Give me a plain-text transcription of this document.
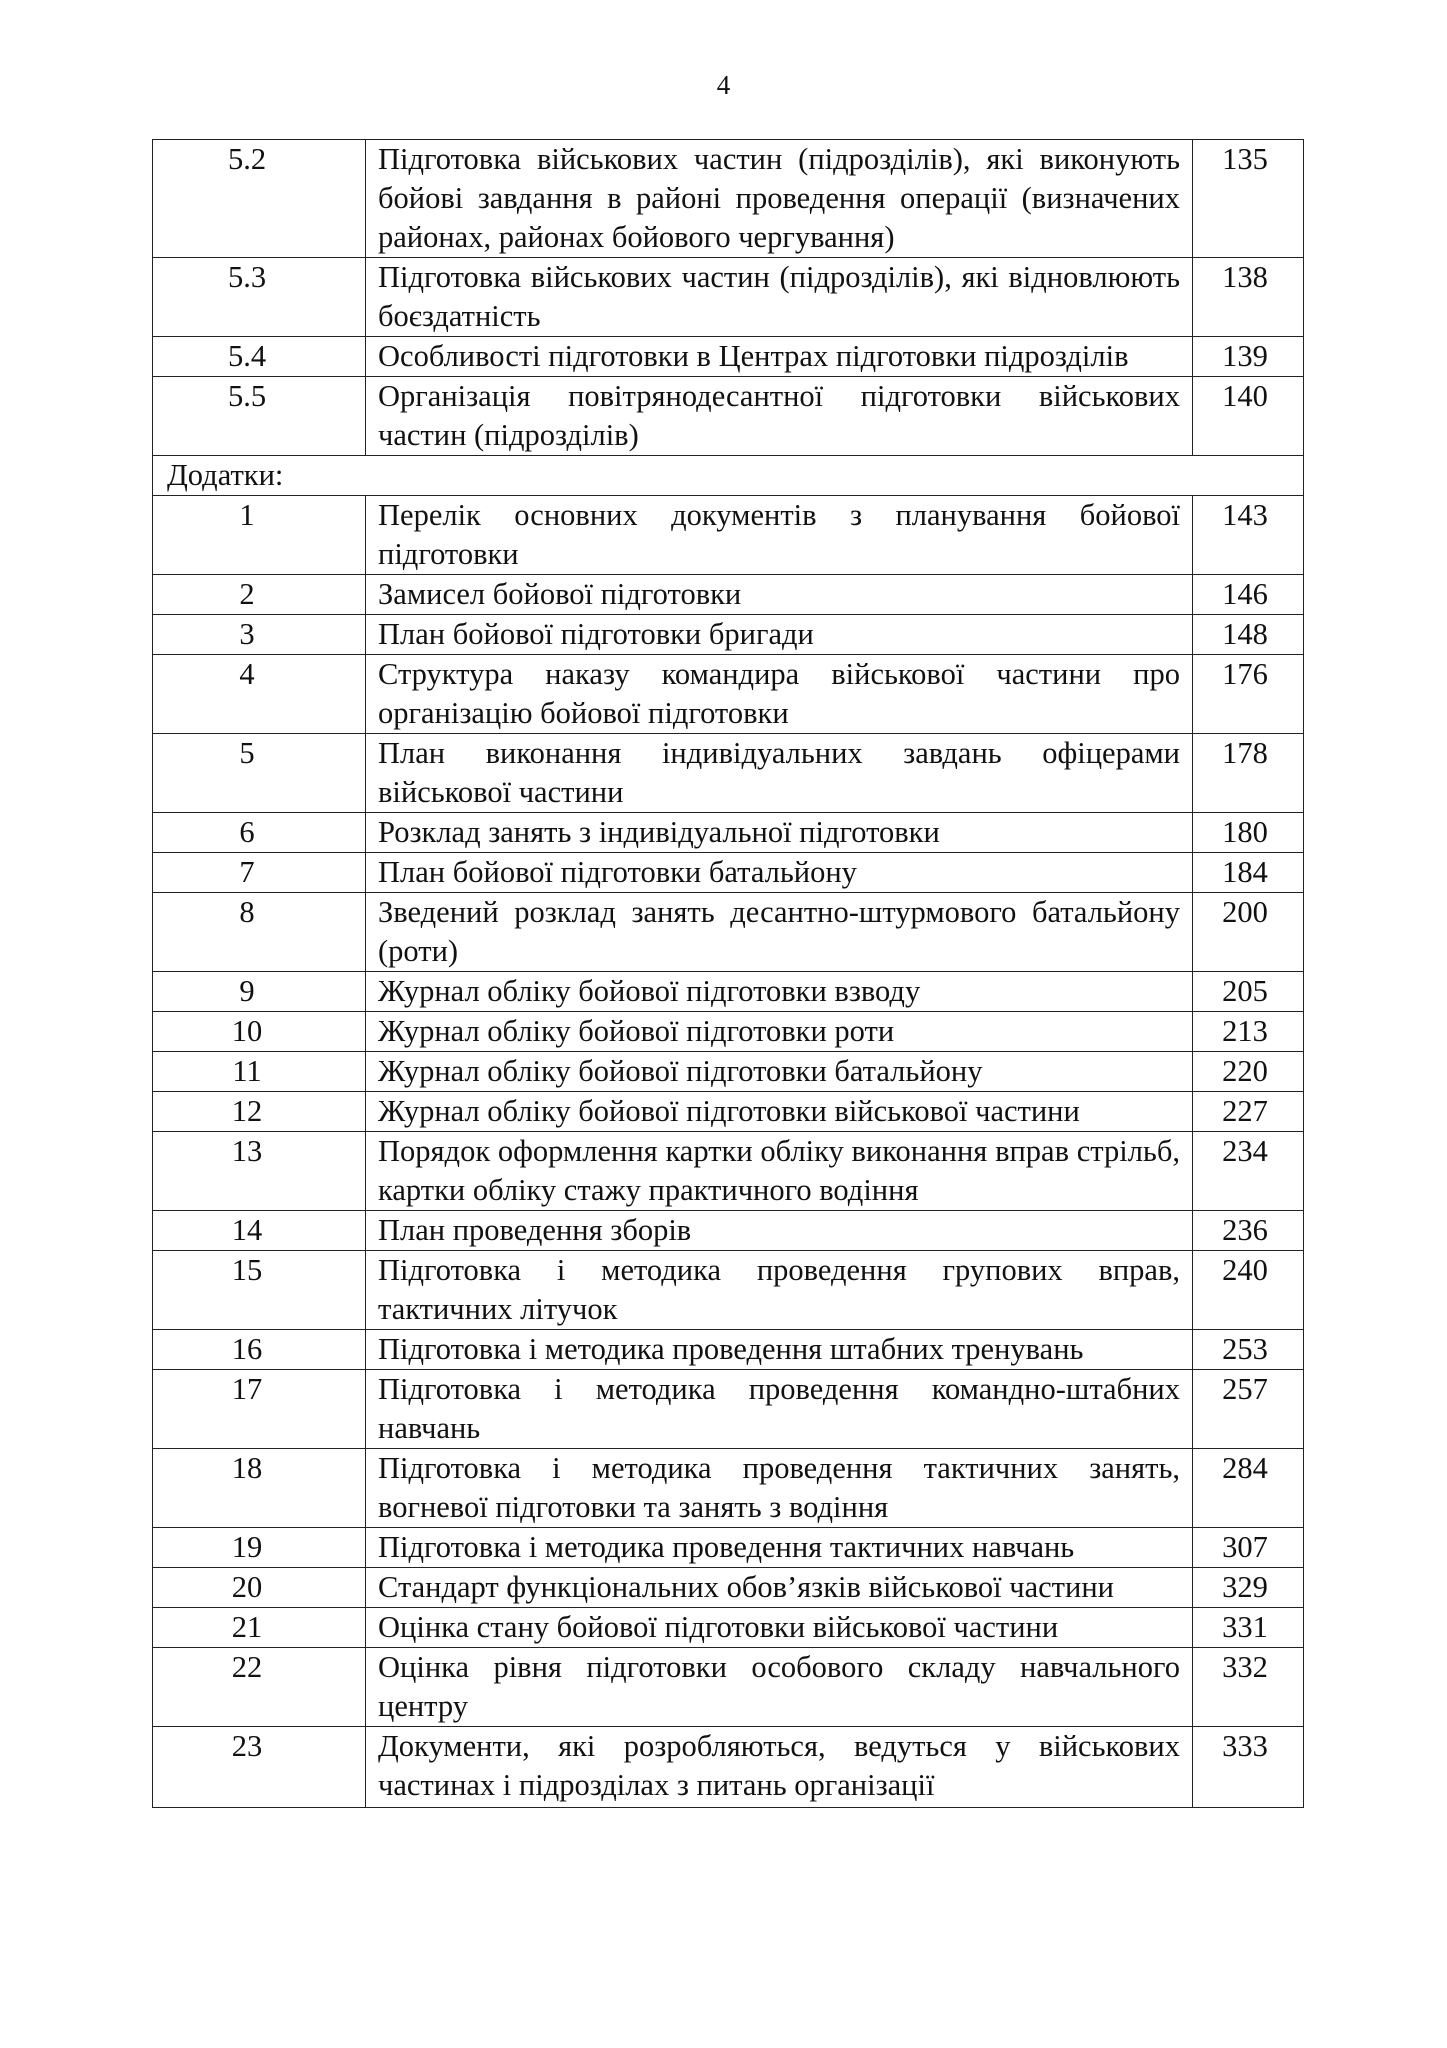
4
5.2	Підготовка військових частин (підрозділів), які виконують бойові завдання в районі проведення операції (визначених районах, районах бойового чергування)	135
5.3	Підготовка військових частин (підрозділів), які відновлюють боєздатність	138
5.4	Особливості підготовки в Центрах підготовки підрозділів	139
5.5	Організація повітрянодесантної підготовки військових частин (підрозділів)	140
Додатки:		
1	Перелік основних документів з планування бойової підготовки	143
2	Замисел бойової підготовки	146
3	План бойової підготовки бригади	148
4	Структура наказу командира військової частини про організацію бойової підготовки	176
5	План виконання індивідуальних завдань офіцерами військової частини	178
6	Розклад занять з індивідуальної підготовки	180
7	План бойової підготовки батальйону	184
8	Зведений розклад занять десантно-штурмового батальйону (роти)	200
9	Журнал обліку бойової підготовки взводу	205
10	Журнал обліку бойової підготовки роти	213
11	Журнал обліку бойової підготовки батальйону	220
12	Журнал обліку бойової підготовки військової частини	227
13	Порядок оформлення картки обліку виконання вправ стрільб, картки обліку стажу практичного водіння	234
14	План проведення зборів	236
15	Підготовка і методика проведення групових вправ, тактичних літучок	240
16	Підготовка і методика проведення штабних тренувань	253
17	Підготовка і методика проведення командно-штабних навчань	257
18	Підготовка і методика проведення тактичних занять, вогневої підготовки та занять з водіння	284
19	Підготовка і методика проведення тактичних навчань	307
20	Стандарт функціональних обов’язків військової частини	329
21	Оцінка стану бойової підготовки військової частини	331
22	Оцінка рівня підготовки особового складу навчального центру	332
23	Документи, які розробляються, ведуться у військових частинах і підрозділах з питань організації	333
